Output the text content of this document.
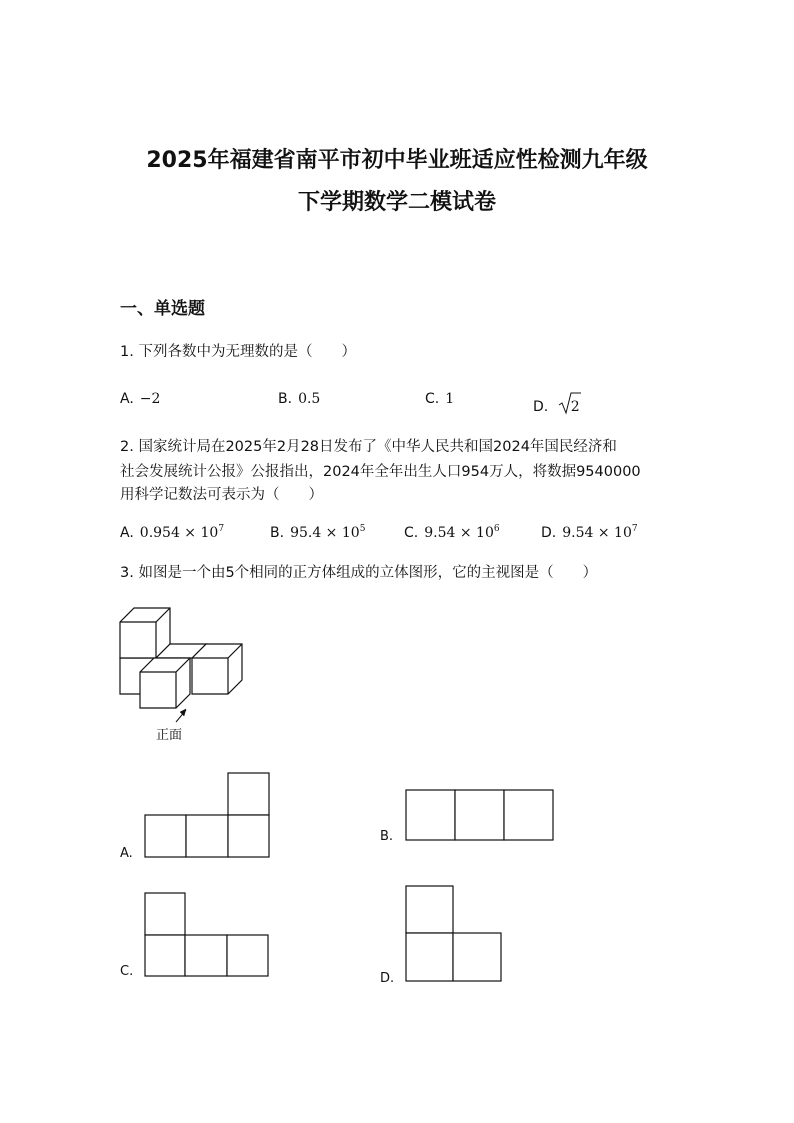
2025年福建省南平市初中毕业班适应性检测九年级
下学期数学二模试卷
一、单选题
1. 下列各数中为无理数的是（　　）
A. −2	B. 0.5	C. 1	D. 2
2. 国家统计局在2025年2月28日发布了《中华人民共和国2024年国民经济和
社会发展统计公报》公报指出，2024年全年出生人口954万人，将数据9540000
用科学记数法可表示为（　　）
A. $0.954 \times 10^7$	B. $95.4 \times 10^5$	C. $9.54 \times 10^6$	D. $9.54 \times 10^7$
3. 如图是一个由5个相同的正方体组成的立体图形，它的主视图是（　　）
正面
A.
B.
C.	D.
